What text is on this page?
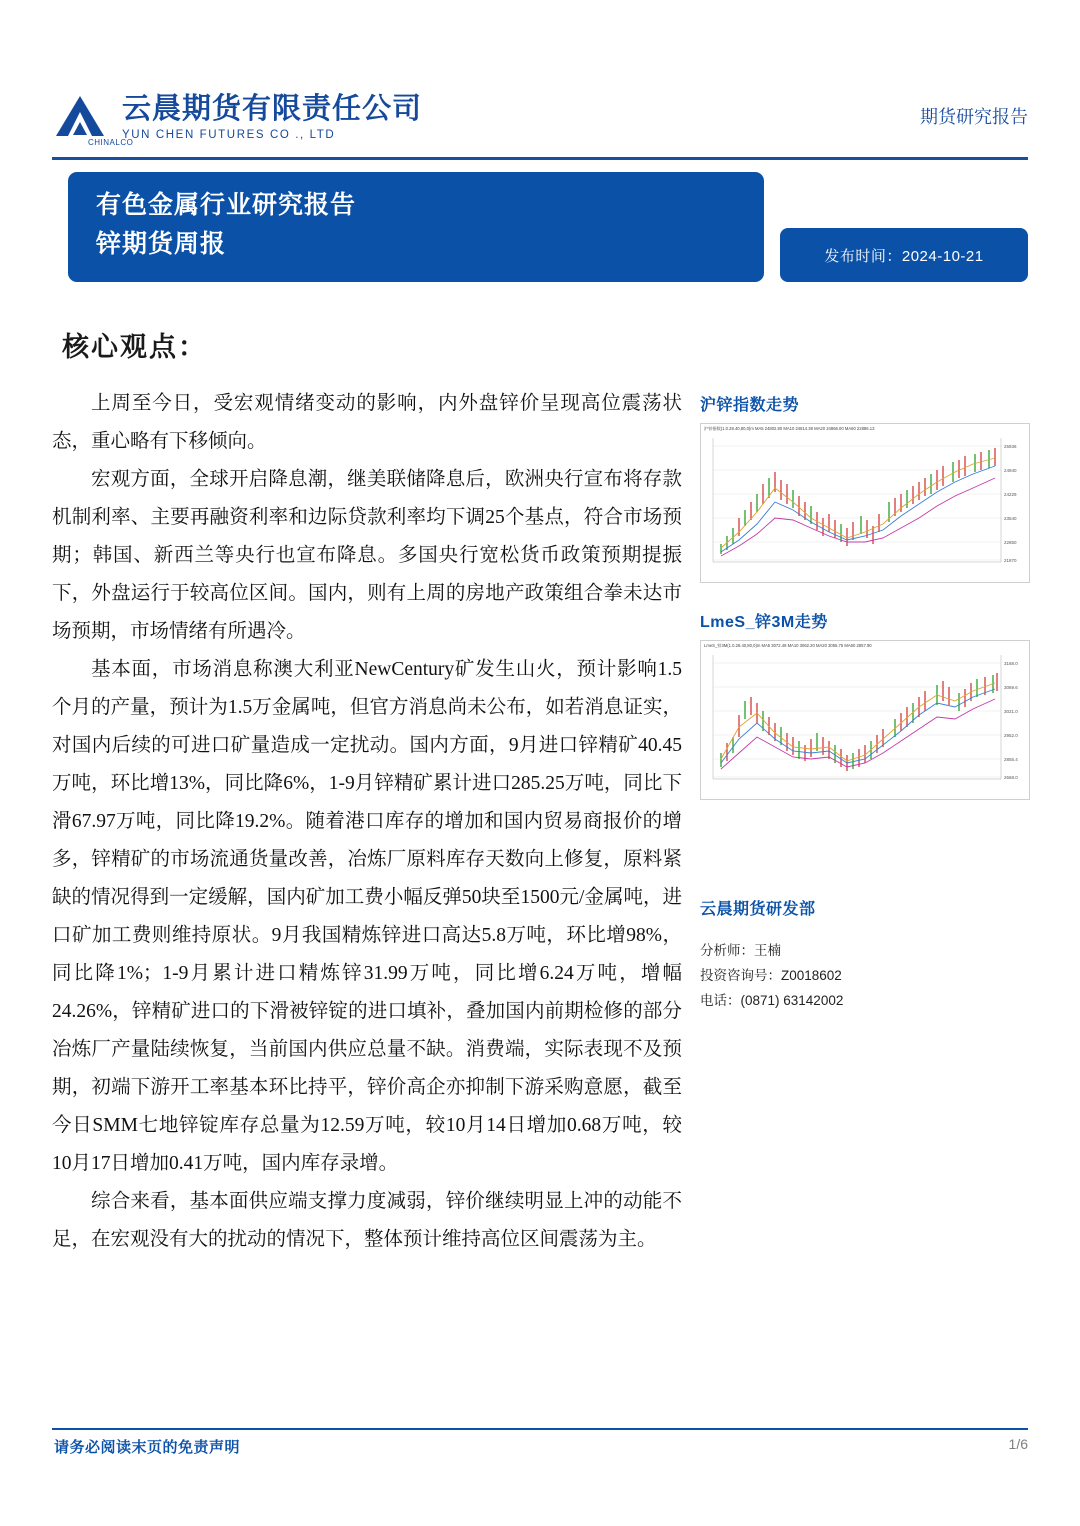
云晨期货有限责任公司
YUN CHEN FUTURES CO ., LTD
期货研究报告
CHINALCO
有色金属行业研究报告
锌期货周报	发布时间：2024-10-21
核心观点：

上周至今日，受宏观情绪变动的影响，内外盘锌价呈现高位震荡状态，重心略有下移倾向。

宏观方面，全球开启降息潮，继美联储降息后，欧洲央行宣布将存款机制利率、主要再融资利率和边际贷款利率均下调25个基点，符合市场预期；韩国、新西兰等央行也宣布降息。多国央行宽松货币政策预期提振下，外盘运行于较高位区间。国内，则有上周的房地产政策组合拳未达市场预期，市场情绪有所遇冷。

基本面，市场消息称澳大利亚NewCentury矿发生山火，预计影响1.5个月的产量，预计为1.5万金属吨，但官方消息尚未公布，如若消息证实，对国内后续的可进口矿量造成一定扰动。国内方面，9月进口锌精矿40.45万吨，环比增13%，同比降6%，1-9月锌精矿累计进口285.25万吨，同比下滑67.97万吨，同比降19.2%。随着港口库存的增加和国内贸易商报价的增多，锌精矿的市场流通货量改善，冶炼厂原料库存天数向上修复，原料紧缺的情况得到一定缓解，国内矿加工费小幅反弹50块至1500元/金属吨，进口矿加工费则维持原状。9月我国精炼锌进口高达5.8万吨，环比增98%，同比降1%；1-9月累计进口精炼锌31.99万吨，同比增6.24万吨，增幅24.26%，锌精矿进口的下滑被锌锭的进口填补，叠加国内前期检修的部分冶炼厂产量陆续恢复，当前国内供应总量不缺。消费端，实际表现不及预期，初端下游开工率基本环比持平，锌价高企亦抑制下游采购意愿，截至今日SMM七地锌锭库存总量为12.59万吨，较10月14日增加0.68万吨，较10月17日增加0.41万吨，国内库存录增。

综合来看，基本面供应端支撑力度减弱，锌价继续明显上冲的动能不足，在宏观没有大的扰动的情况下，整体预计维持高位区间震荡为主。

沪锌指数走势
沪锌指数(1.0.28.40,80,0)m MA5 24802.80 MA10 24814.36 MA20 24866.00 MA60 22886.13
25936
24940
24229
23540
22850
21870
LmeS_锌3M走势
LmeS_锌3M(1.0.28.40,80,0)m MA5 3072.48 MA10 3062.20 MA20 3055.75 MA60 2857.90
3168.0
3069.6
3021.0
2952.0
2855.4
2668.0
云晨期货研发部
分析师：王楠
投资咨询号：Z0018602
电话：(0871) 63142002
请务必阅读末页的免责声明	1/6
